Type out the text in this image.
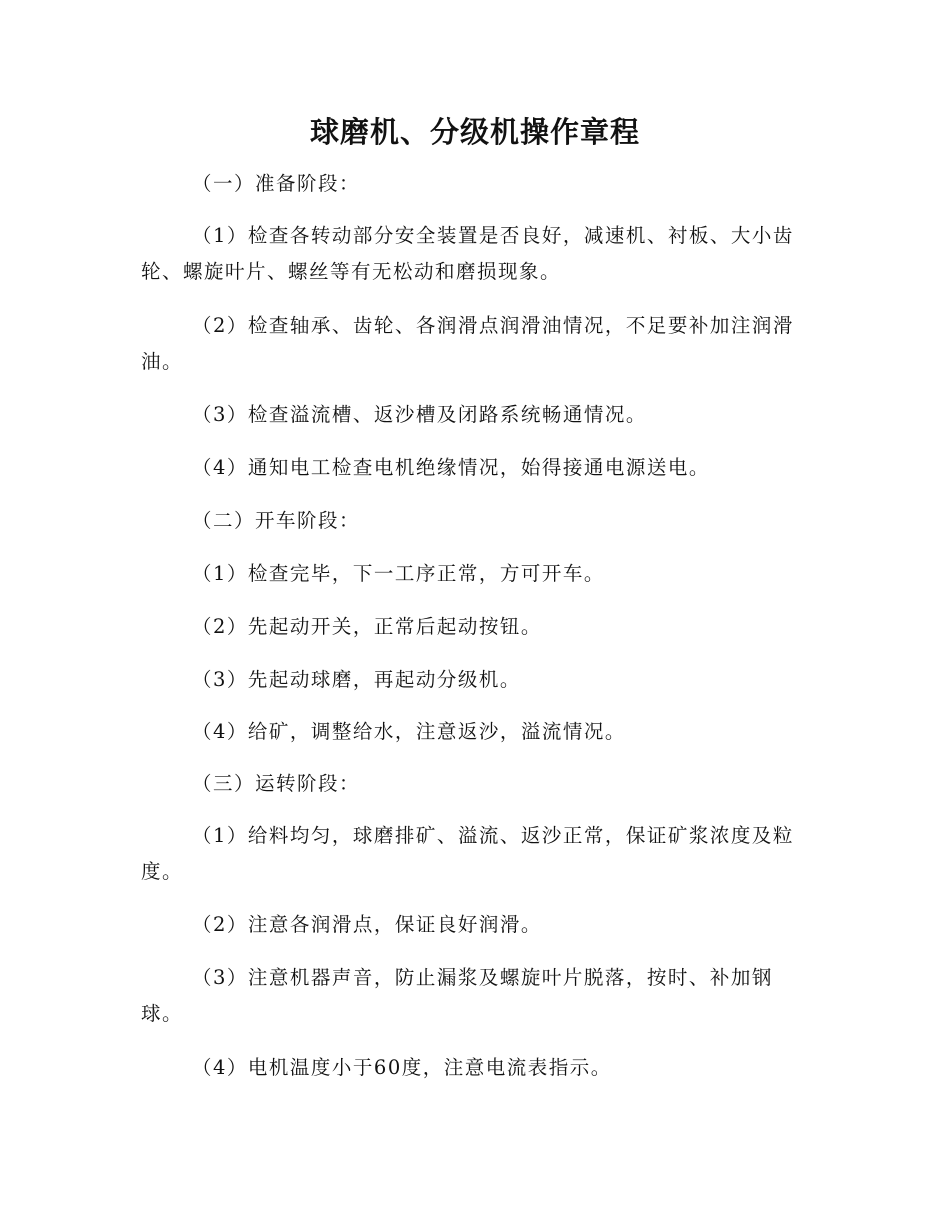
球磨机、分级机操作章程
（一）准备阶段：
（1）检查各转动部分安全装置是否良好，减速机、衬板、大小齿轮、螺旋叶片、螺丝等有无松动和磨损现象。
（2）检查轴承、齿轮、各润滑点润滑油情况，不足要补加注润滑油。
（3）检查溢流槽、返沙槽及闭路系统畅通情况。
（4）通知电工检查电机绝缘情况，始得接通电源送电。
（二）开车阶段：
（1）检查完毕，下一工序正常，方可开车。
（2）先起动开关，正常后起动按钮。
（3）先起动球磨，再起动分级机。
（4）给矿，调整给水，注意返沙，溢流情况。
（三）运转阶段：
（1）给料均匀，球磨排矿、溢流、返沙正常，保证矿浆浓度及粒度。
（2）注意各润滑点，保证良好润滑。
（3）注意机器声音，防止漏浆及螺旋叶片脱落，按时、补加钢球。
（4）电机温度小于60度，注意电流表指示。
